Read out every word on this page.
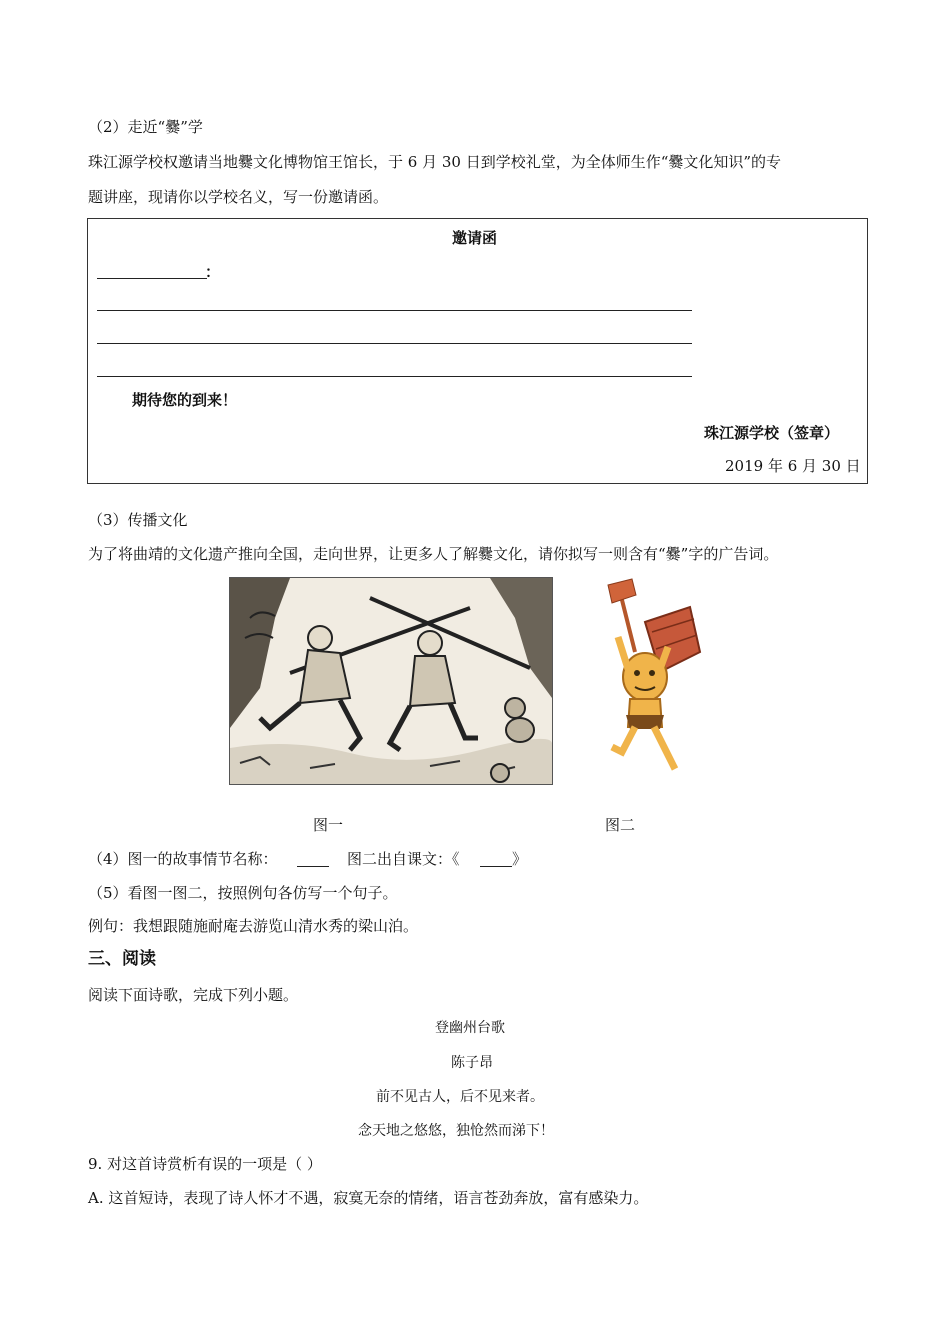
（2）走近“爨”学
珠江源学校权邀请当地爨文化博物馆王馆长，于 6 月 30 日到学校礼堂，为全体师生作“爨文化知识”的专
题讲座，现请你以学校名义，写一份邀请函。
邀请函
：
期待您的到来！
珠江源学校（签章）
2019 年 6 月 30 日
（3）传播文化
为了将曲靖的文化遗产推向全国，走向世界，让更多人了解爨文化，请你拟写一则含有“爨”字的广告词。
图一	图二
（4）图一的故事情节名称：	图二出自课文：《	》
（5）看图一图二，按照例句各仿写一个句子。
例句：我想跟随施耐庵去游览山清水秀的梁山泊。
三、阅读
阅读下面诗歌，完成下列小题。
登幽州台歌
陈子昂
前不见古人，后不见来者。
念天地之悠悠，独怆然而涕下！
9. 对这首诗赏析有误的一项是（ ）
A. 这首短诗，表现了诗人怀才不遇，寂寞无奈的情绪，语言苍劲奔放，富有感染力。
